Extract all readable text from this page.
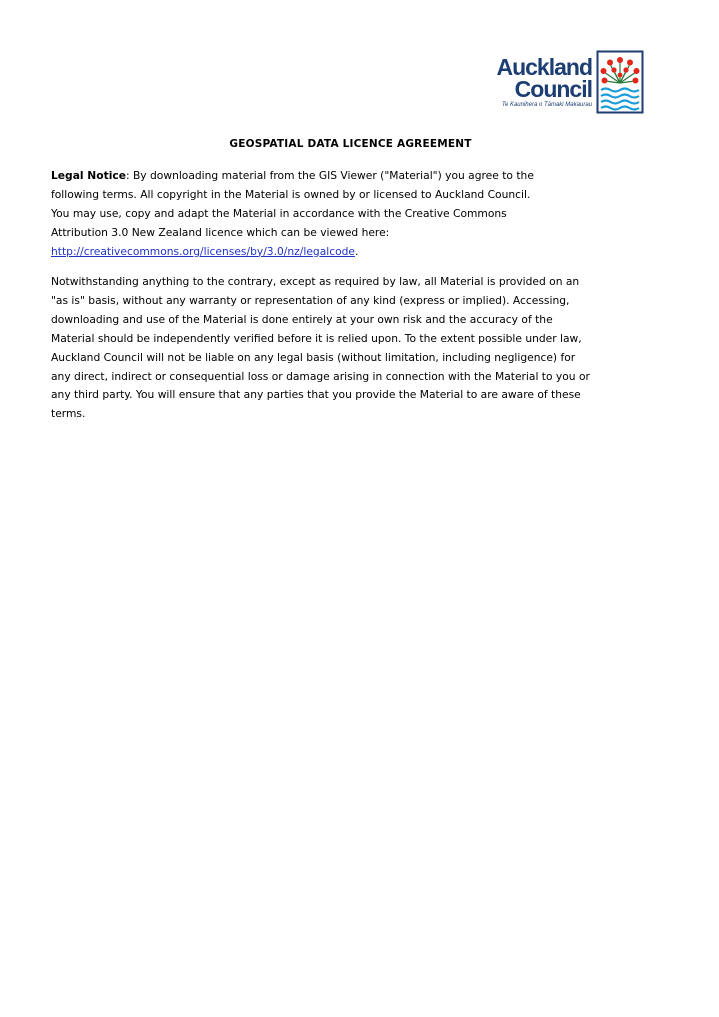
Auckland
Council
Te Kaunihera o Tāmaki Makaurau
GEOSPATIAL DATA LICENCE AGREEMENT
Legal Notice: By downloading material from the GIS Viewer ("Material") you agree to the
following terms. All copyright in the Material is owned by or licensed to Auckland Council.
You may use, copy and adapt the Material in accordance with the Creative Commons
Attribution 3.0 New Zealand licence which can be viewed here:
http://creativecommons.org/licenses/by/3.0/nz/legalcode.
Notwithstanding anything to the contrary, except as required by law, all Material is provided on an
"as is" basis, without any warranty or representation of any kind (express or implied). Accessing,
downloading and use of the Material is done entirely at your own risk and the accuracy of the
Material should be independently verified before it is relied upon. To the extent possible under law,
Auckland Council will not be liable on any legal basis (without limitation, including negligence) for
any direct, indirect or consequential loss or damage arising in connection with the Material to you or
any third party. You will ensure that any parties that you provide the Material to are aware of these
terms.
